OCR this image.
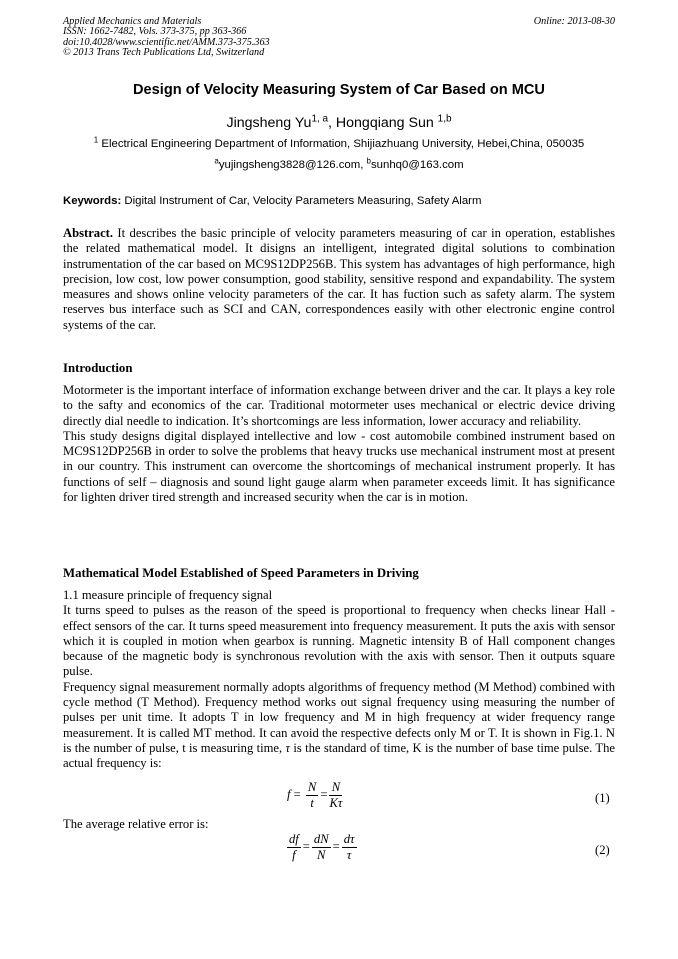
Applied Mechanics and Materials
ISSN: 1662-7482, Vols. 373-375, pp 363-366
doi:10.4028/www.scientific.net/AMM.373-375.363
© 2013 Trans Tech Publications Ltd, Switzerland
Online: 2013-08-30
Design of Velocity Measuring System of Car Based on MCU
Jingsheng Yu$^{1, a}$, Hongqiang Sun $^{1,b}$
$^1$ Electrical Engineering Department of Information, Shijiazhuang University, Hebei,China, 050035
$^a$yujingsheng3828@126.com, $^b$sunhq0@163.com
Keywords: Digital Instrument of Car, Velocity Parameters Measuring, Safety Alarm

Abstract. It describes the basic principle of velocity parameters measuring of car in operation, establishes the related mathematical model. It disigns an intelligent, integrated digital solutions to combination instrumentation of the car based on MC9S12DP256B. This system has advantages of high performance, high precision, low cost, low power consumption, good stability, sensitive respond and expandability. The system measures and shows online velocity parameters of the car. It has fuction such as safety alarm. The system reserves bus interface such as SCI and CAN, correspondences easily with other electronic engine control systems of the car.

Introduction

Motormeter is the important interface of information exchange between driver and the car. It plays a key role to the safty and economics of the car. Traditional motormeter uses mechanical or electric device driving directly dial needle to indication. It’s shortcomings are less information, lower accuracy and reliability.

This study designs digital displayed intellective and low - cost automobile combined instrument based on MC9S12DP256B in order to solve the problems that heavy trucks use mechanical instrument most at present in our country. This instrument can overcome the shortcomings of mechanical instrument properly. It has functions of self – diagnosis and sound light gauge alarm when parameter exceeds limit. It has significance for lighten driver tired strength and increased security when the car is in motion.

Mathematical Model Established of Speed Parameters in Driving

1.1 measure principle of frequency signal

It turns speed to pulses as the reason of the speed is proportional to frequency when checks linear Hall - effect sensors of the car. It turns speed measurement into frequency measurement. It puts the axis with sensor which it is coupled in motion when gearbox is running. Magnetic intensity B of Hall component changes because of the magnetic body is synchronous revolution with the axis with sensor. Then it outputs square pulse.

Frequency signal measurement normally adopts algorithms of frequency method (M Method) combined with cycle method (T Method). Frequency method works out signal frequency using measuring the number of pulses per unit time. It adopts T in low frequency and M in high frequency at wider frequency range measurement. It is called MT method. It can avoid the respective defects only M or T. It is shown in Fig.1. N is the number of pulse, t is measuring time, τ is the standard of time, K is the number of base time pulse. The actual frequency is:

$f = \frac{N}{t} = \frac{N}{K\tau}$	(1)

The average relative error is:

$\frac{df}{f} = \frac{dN}{N} = \frac{d\tau}{\tau}$	(2)
